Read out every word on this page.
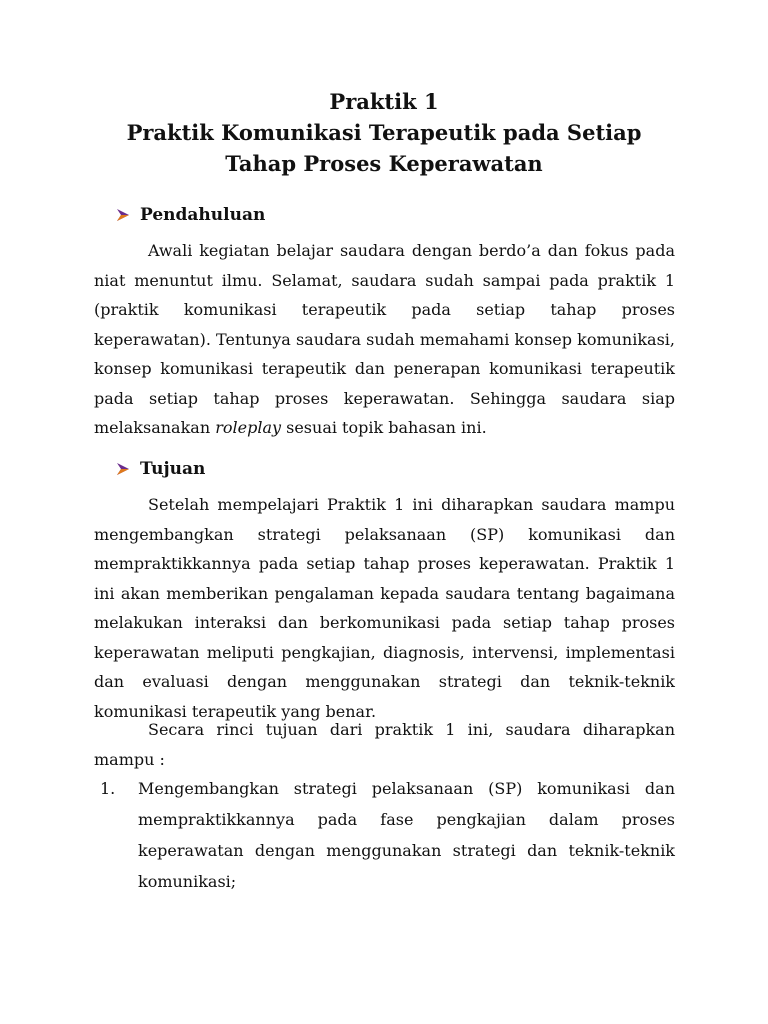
Praktik 1
Praktik Komunikasi Terapeutik pada Setiap
Tahap Proses Keperawatan
Pendahuluan

Awali kegiatan belajar saudara dengan berdo’a dan fokus pada niat menuntut ilmu. Selamat, saudara sudah sampai pada praktik 1 (praktik komunikasi terapeutik pada setiap tahap proses keperawatan). Tentunya saudara sudah memahami konsep komunikasi, konsep komunikasi terapeutik dan penerapan komunikasi terapeutik pada setiap tahap proses keperawatan. Sehingga saudara siap melaksanakan roleplay sesuai topik bahasan ini.

Tujuan

Setelah mempelajari Praktik 1 ini diharapkan saudara mampu mengembangkan strategi pelaksanaan (SP) komunikasi dan mempraktikkannya pada setiap tahap proses keperawatan. Praktik 1 ini akan memberikan pengalaman kepada saudara tentang bagaimana melakukan interaksi dan berkomunikasi pada setiap tahap proses keperawatan meliputi pengkajian, diagnosis, intervensi, implementasi dan evaluasi dengan menggunakan strategi dan teknik-teknik komunikasi terapeutik yang benar.

Secara rinci tujuan dari praktik 1 ini, saudara diharapkan mampu :

1.	Mengembangkan strategi pelaksanaan (SP) komunikasi dan mempraktikkannya pada fase pengkajian dalam proses keperawatan dengan menggunakan strategi dan teknik-teknik komunikasi;
